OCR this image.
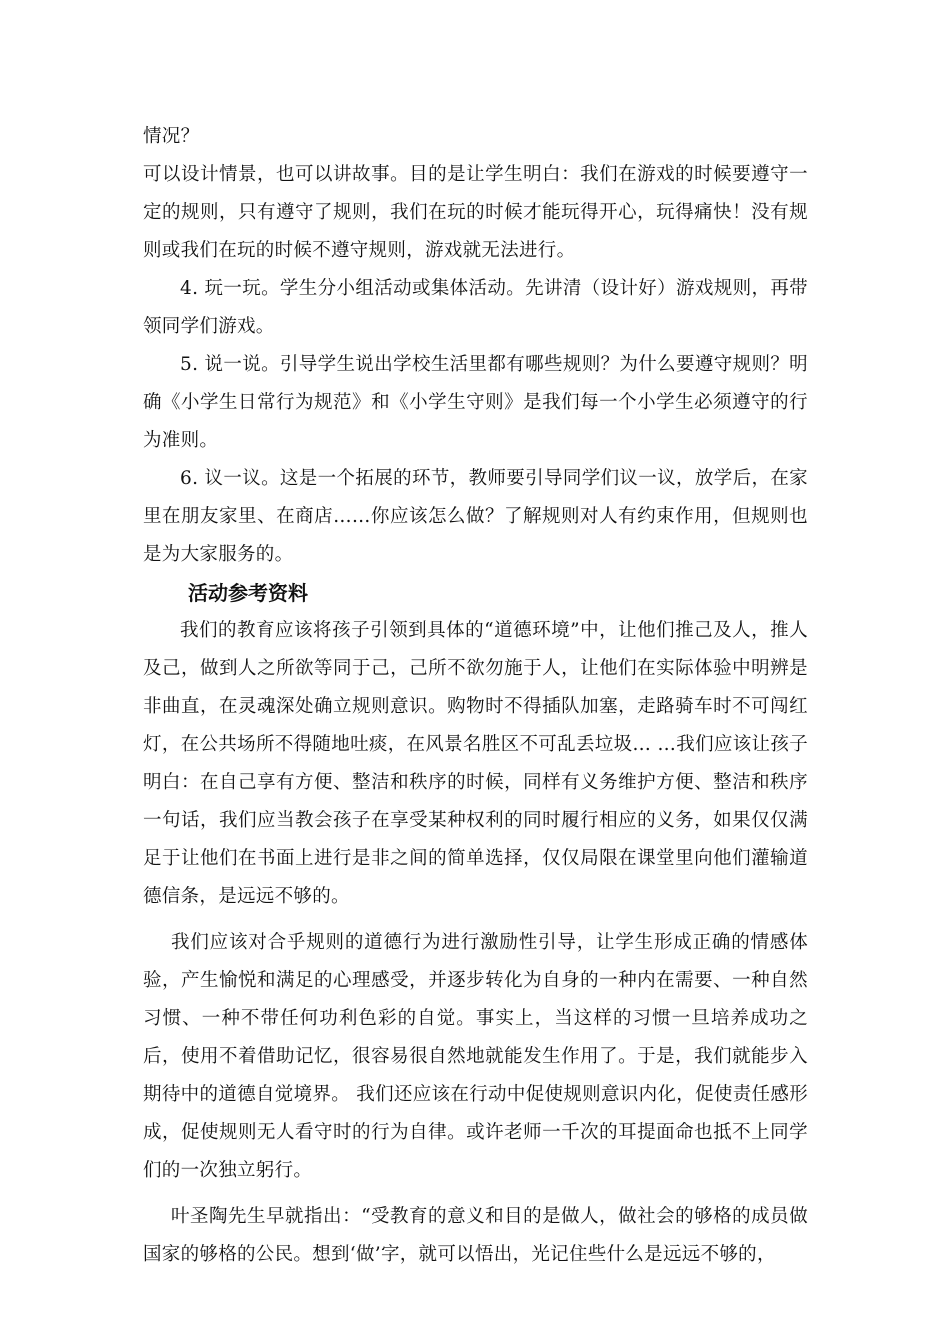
情况？

可以设计情景，也可以讲故事。目的是让学生明白：我们在游戏的时候要遵守一定的规则，只有遵守了规则，我们在玩的时候才能玩得开心，玩得痛快！没有规则或我们在玩的时候不遵守规则，游戏就无法进行。

4. 玩一玩。学生分小组活动或集体活动。先讲清（设计好）游戏规则，再带领同学们游戏。

5. 说一说。引导学生说出学校生活里都有哪些规则？为什么要遵守规则？明确《小学生日常行为规范》和《小学生守则》是我们每一个小学生必须遵守的行为准则。

6. 议一议。这是一个拓展的环节，教师要引导同学们议一议，放学后，在家里在朋友家里、在商店……你应该怎么做？了解规则对人有约束作用，但规则也是为大家服务的。

活动参考资料

我们的教育应该将孩子引领到具体的“道德环境”中，让他们推己及人，推人及己，做到人之所欲等同于己，己所不欲勿施于人，让他们在实际体验中明辨是非曲直，在灵魂深处确立规则意识。购物时不得插队加塞，走路骑车时不可闯红灯，在公共场所不得随地吐痰，在风景名胜区不可乱丢垃圾… …我们应该让孩子明白：在自己享有方便、整洁和秩序的时候，同样有义务维护方便、整洁和秩序一句话，我们应当教会孩子在享受某种权利的同时履行相应的义务，如果仅仅满足于让他们在书面上进行是非之间的简单选择，仅仅局限在课堂里向他们灌输道德信条，是远远不够的。

我们应该对合乎规则的道德行为进行激励性引导，让学生形成正确的情感体验，产生愉悦和满足的心理感受，并逐步转化为自身的一种内在需要、一种自然习惯、一种不带任何功利色彩的自觉。事实上，当这样的习惯一旦培养成功之后，使用不着借助记忆，很容易很自然地就能发生作用了。于是，我们就能步入期待中的道德自觉境界。 我们还应该在行动中促使规则意识内化，促使责任感形成，促使规则无人看守时的行为自律。或许老师一千次的耳提面命也抵不上同学们的一次独立躬行。

叶圣陶先生早就指出：“受教育的意义和目的是做人，做社会的够格的成员做国家的够格的公民。想到‘做’字，就可以悟出，光记住些什么是远远不够的，
